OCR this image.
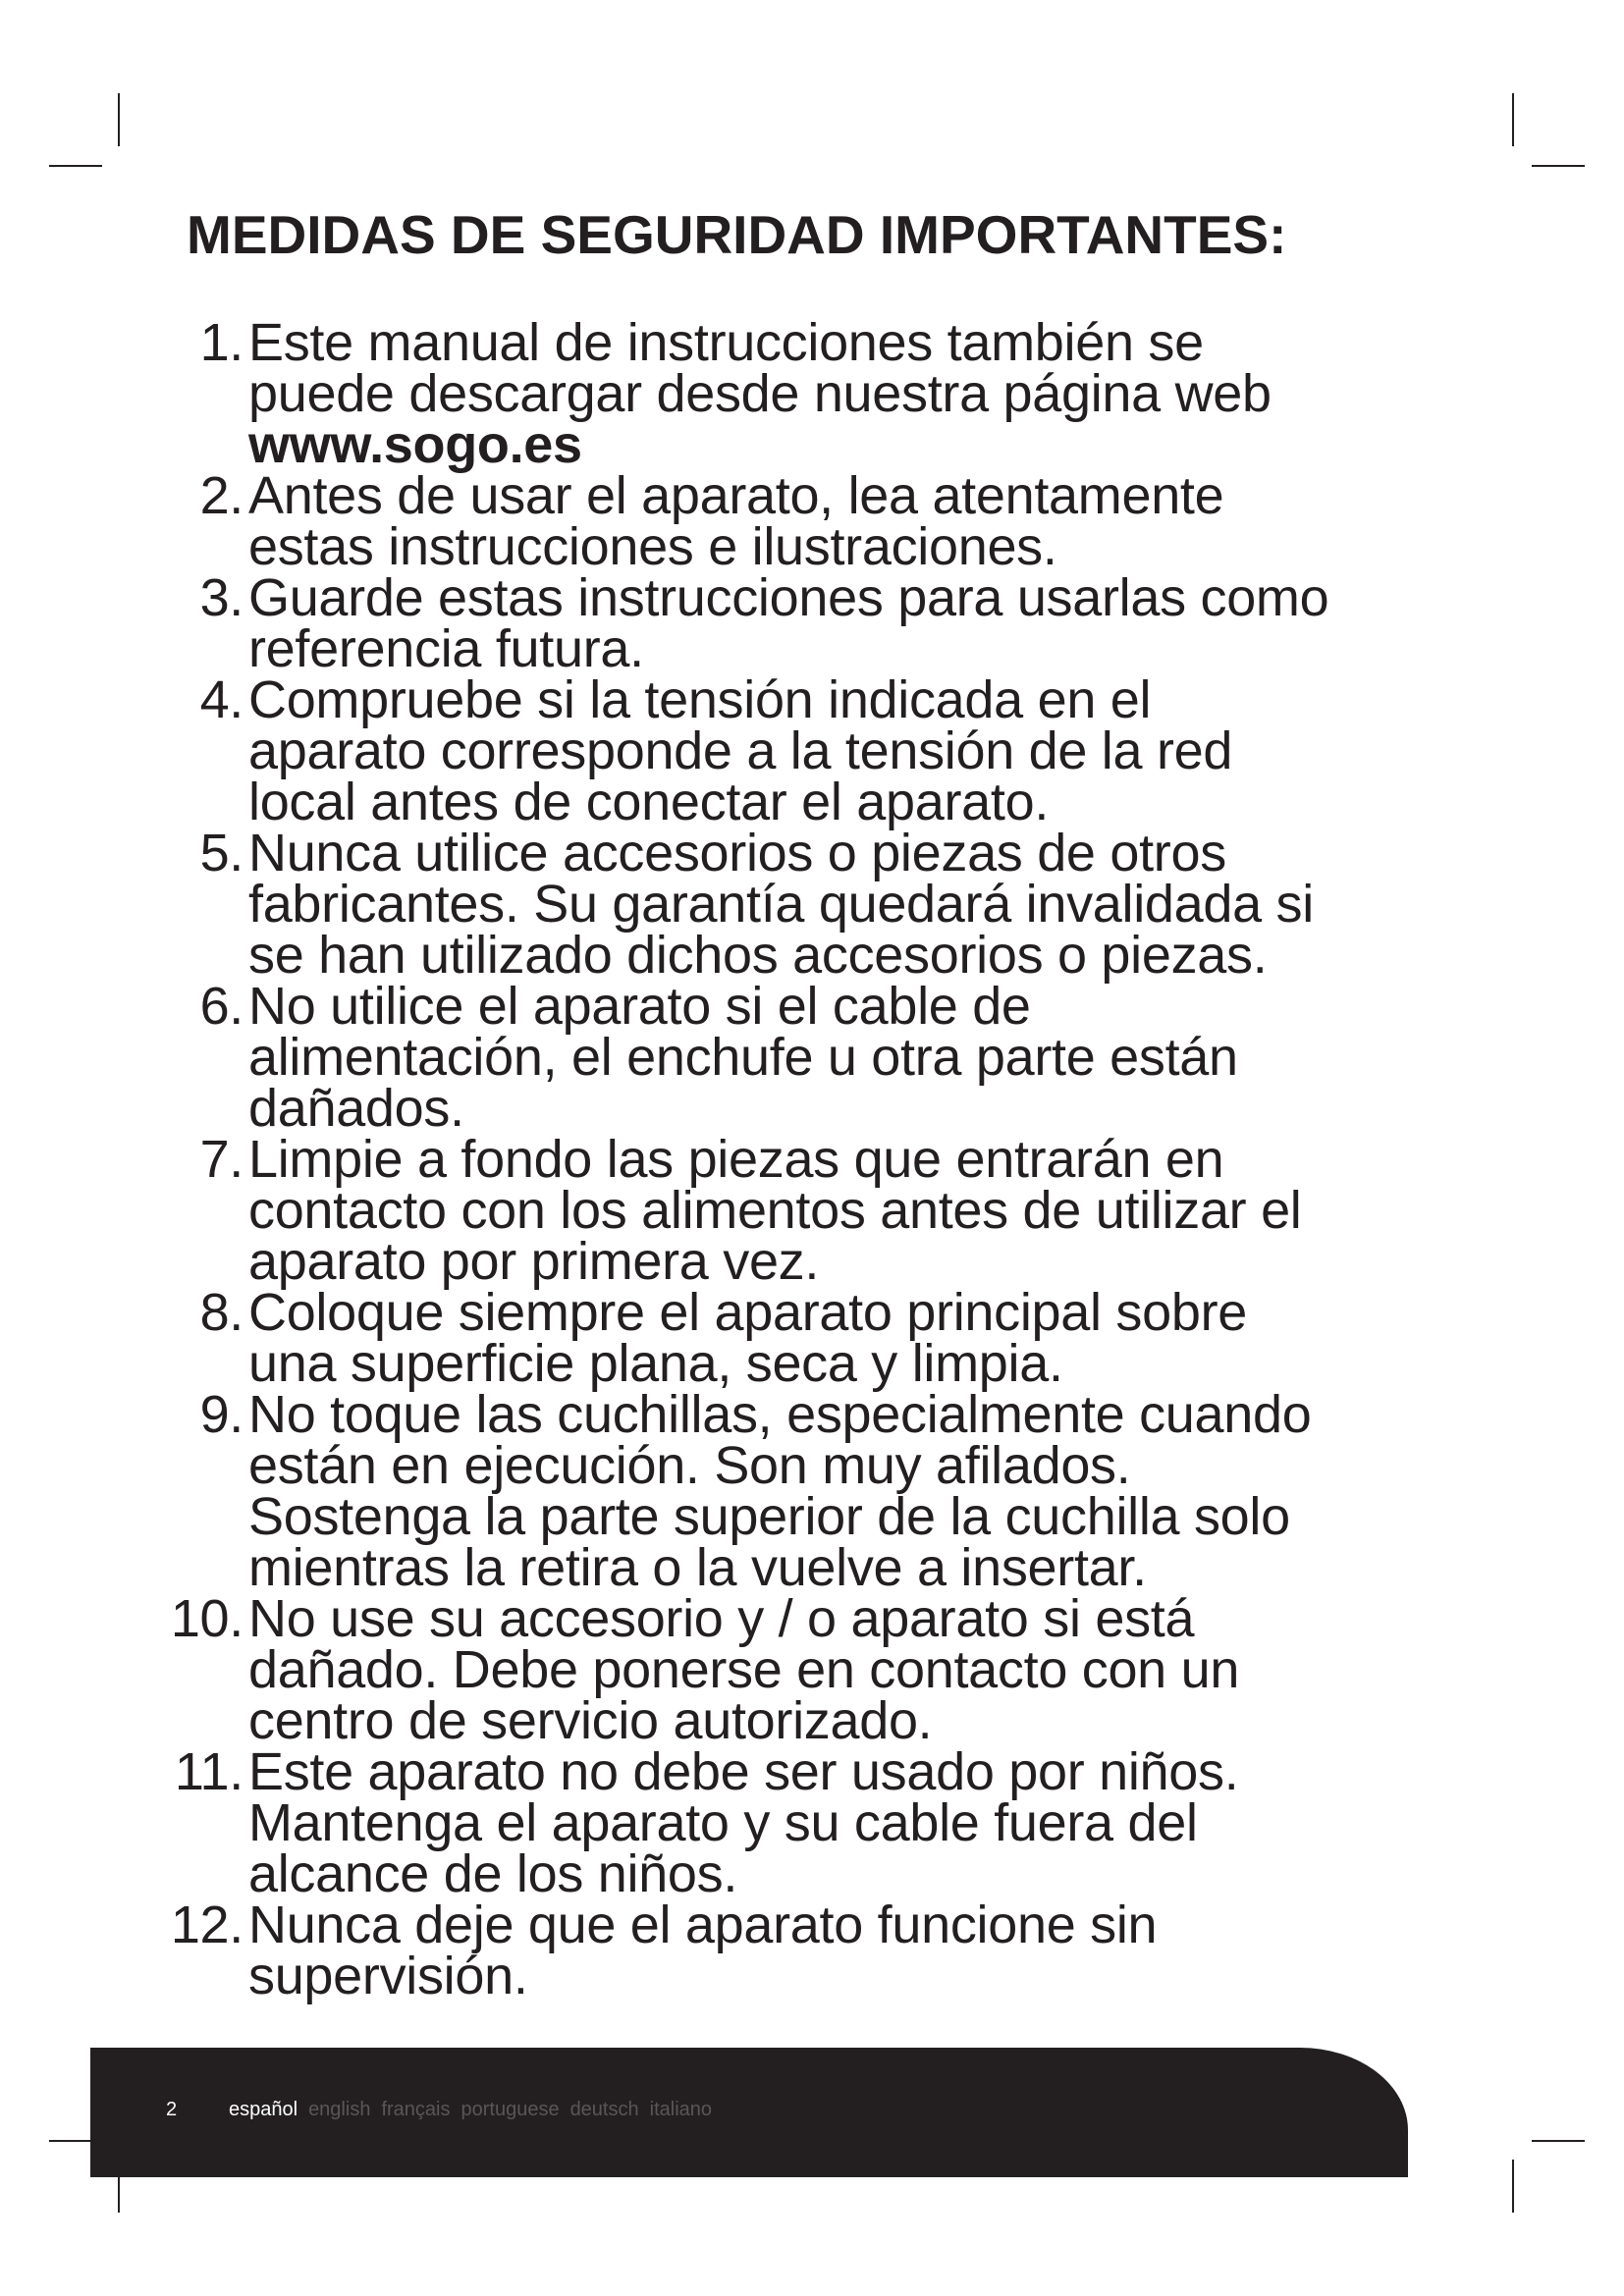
MEDIDAS DE SEGURIDAD IMPORTANTES:
1. Este manual de instrucciones también se
puede descargar desde nuestra página web
www.sogo.es
2. Antes de usar el aparato, lea atentamente
estas instrucciones e ilustraciones.
3. Guarde estas instrucciones para usarlas como
referencia futura.
4. Compruebe si la tensión indicada en el
aparato corresponde a la tensión de la red
local antes de conectar el aparato.
5. Nunca utilice accesorios o piezas de otros
fabricantes. Su garantía quedará invalidada si
se han utilizado dichos accesorios o piezas.
6. No utilice el aparato si el cable de
alimentación, el enchufe u otra parte están
dañados.
7. Limpie a fondo las piezas que entrarán en
contacto con los alimentos antes de utilizar el
aparato por primera vez.
8. Coloque siempre el aparato principal sobre
una superficie plana, seca y limpia.
9. No toque las cuchillas, especialmente cuando
están en ejecución. Son muy afilados.
Sostenga la parte superior de la cuchilla solo
mientras la retira o la vuelve a insertar.
10. No use su accesorio y / o aparato si está
dañado. Debe ponerse en contacto con un
centro de servicio autorizado.
11. Este aparato no debe ser usado por niños.
Mantenga el aparato y su cable fuera del
alcance de los niños.
12. Nunca deje que el aparato funcione sin
supervisión.
2	español english français portuguese deutsch italiano
